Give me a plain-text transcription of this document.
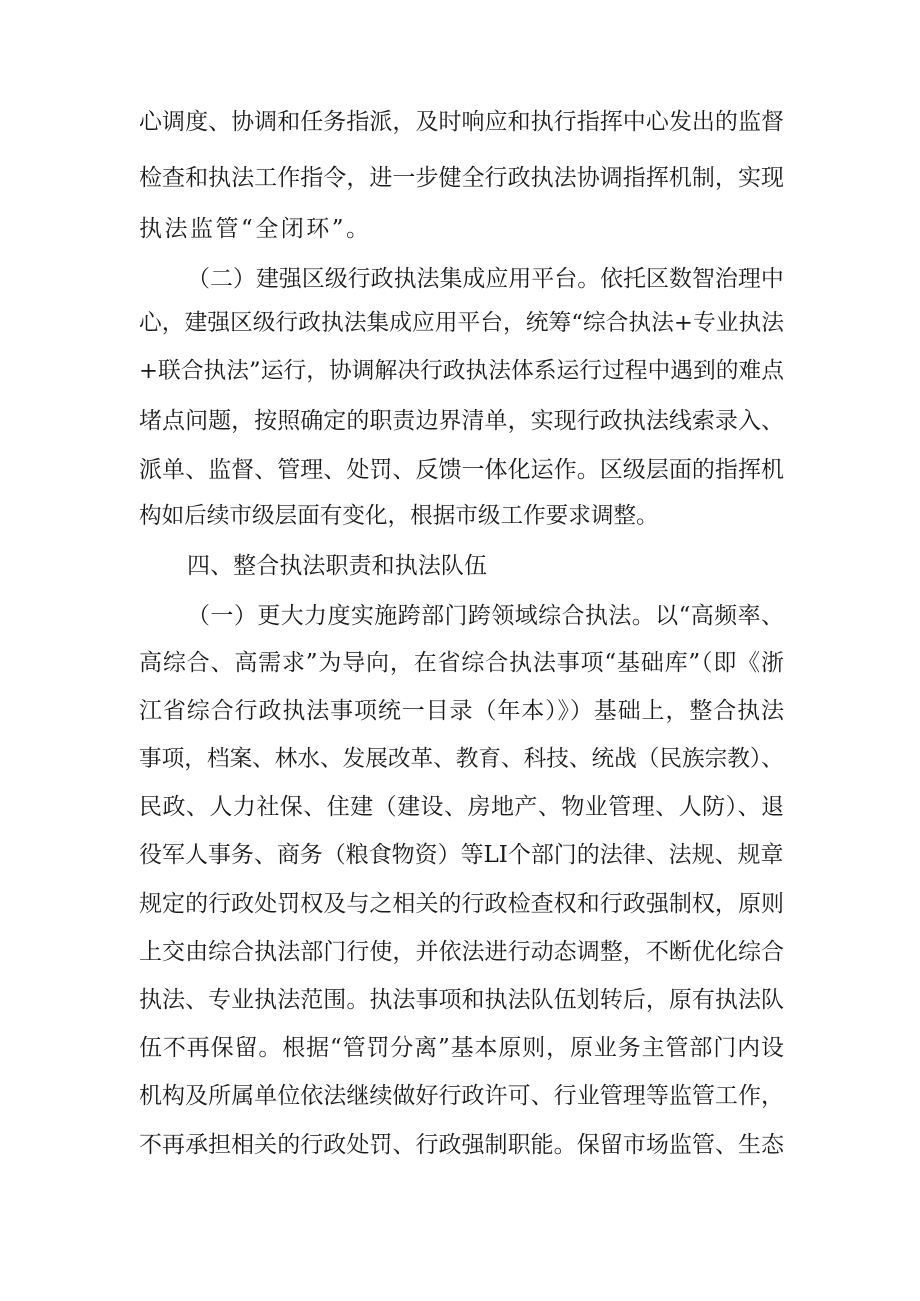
心调度、协调和任务指派，及时响应和执行指挥中心发出的监督
检查和执法工作指令，进一步健全行政执法协调指挥机制，实现
执法监管“全闭环”。
（二）建强区级行政执法集成应用平台。依托区数智治理中
心，建强区级行政执法集成应用平台，统筹“综合执法+专业执法
+联合执法”运行，协调解决行政执法体系运行过程中遇到的难点
堵点问题，按照确定的职责边界清单，实现行政执法线索录入、
派单、监督、管理、处罚、反馈一体化运作。区级层面的指挥机
构如后续市级层面有变化，根据市级工作要求调整。
四、整合执法职责和执法队伍
（一）更大力度实施跨部门跨领域综合执法。以“高频率、
高综合、高需求”为导向，在省综合执法事项“基础库”（即《浙
江省综合行政执法事项统一目录（年本）》）基础上，整合执法
事项，档案、林水、发展改革、教育、科技、统战（民族宗教）、
民政、人力社保、住建（建设、房地产、物业管理、人防）、退
役军人事务、商务（粮食物资）等LI个部门的法律、法规、规章
规定的行政处罚权及与之相关的行政检查权和行政强制权，原则
上交由综合执法部门行使，并依法进行动态调整，不断优化综合
执法、专业执法范围。执法事项和执法队伍划转后，原有执法队
伍不再保留。根据“管罚分离”基本原则，原业务主管部门内设
机构及所属单位依法继续做好行政许可、行业管理等监管工作，
不再承担相关的行政处罚、行政强制职能。保留市场监管、生态
